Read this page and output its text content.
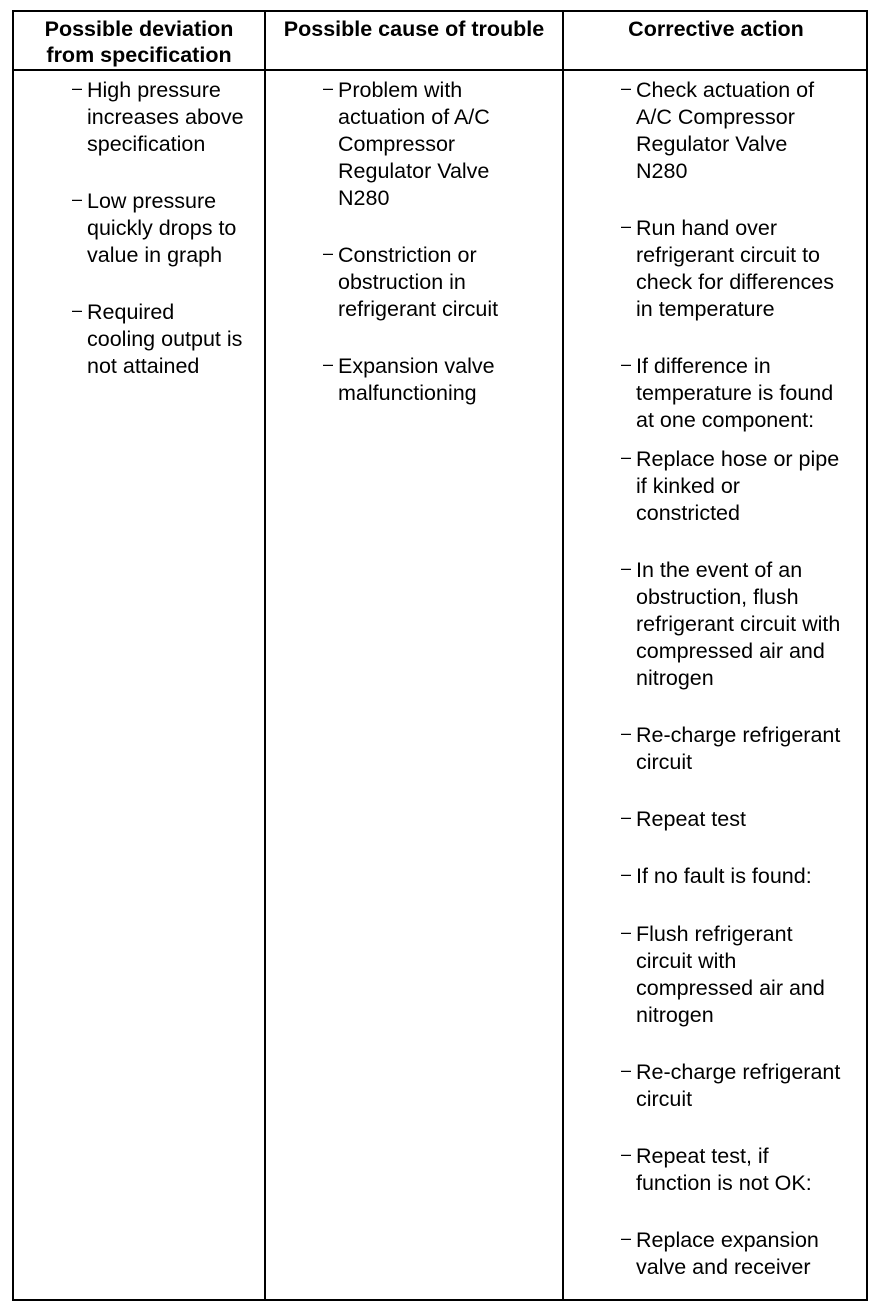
Possible deviation
from specification
Possible cause of trouble	Corrective action
– High pressure
increases above
specification
– Low pressure
quickly drops to
value in graph
– Required
cooling output is
not attained
– Problem with
actuation of A/C
Compressor
Regulator Valve
N280
– Constriction or
obstruction in
refrigerant circuit
– Expansion valve
malfunctioning
– Check actuation of
A/C Compressor
Regulator Valve
N280
– Run hand over
refrigerant circuit to
check for differences
in temperature
– If difference in
temperature is found
at one component:
– Replace hose or pipe
if kinked or
constricted
– In the event of an
obstruction, flush
refrigerant circuit with
compressed air and
nitrogen
– Re-charge refrigerant
circuit
– Repeat test
– If no fault is found:
– Flush refrigerant
circuit with
compressed air and
nitrogen
– Re-charge refrigerant
circuit
– Repeat test, if
function is not OK:
– Replace expansion
valve and receiver
